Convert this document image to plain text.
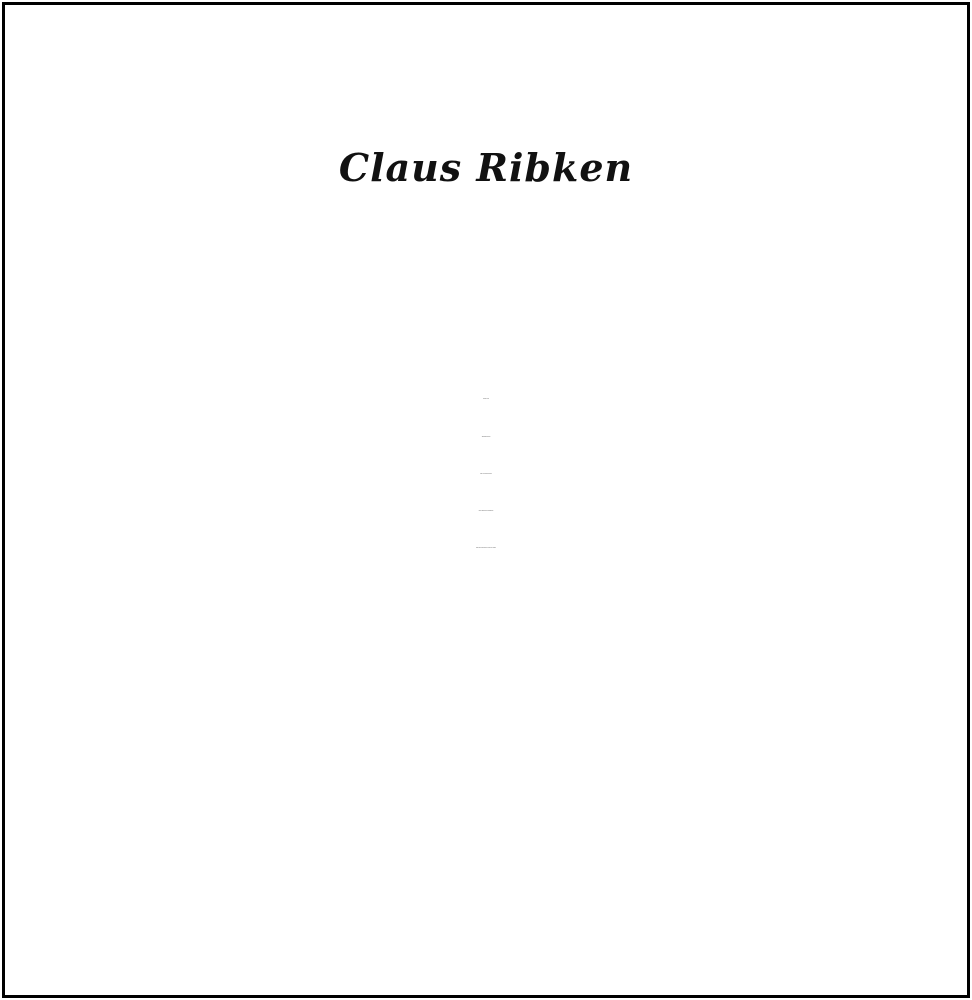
Claus Ribken
Deine Lulu
Thomas Ribken
mit Lea und Hendrik
Imke und Bernd Homberg
mit Finn und Philine, Jan und Luisa
